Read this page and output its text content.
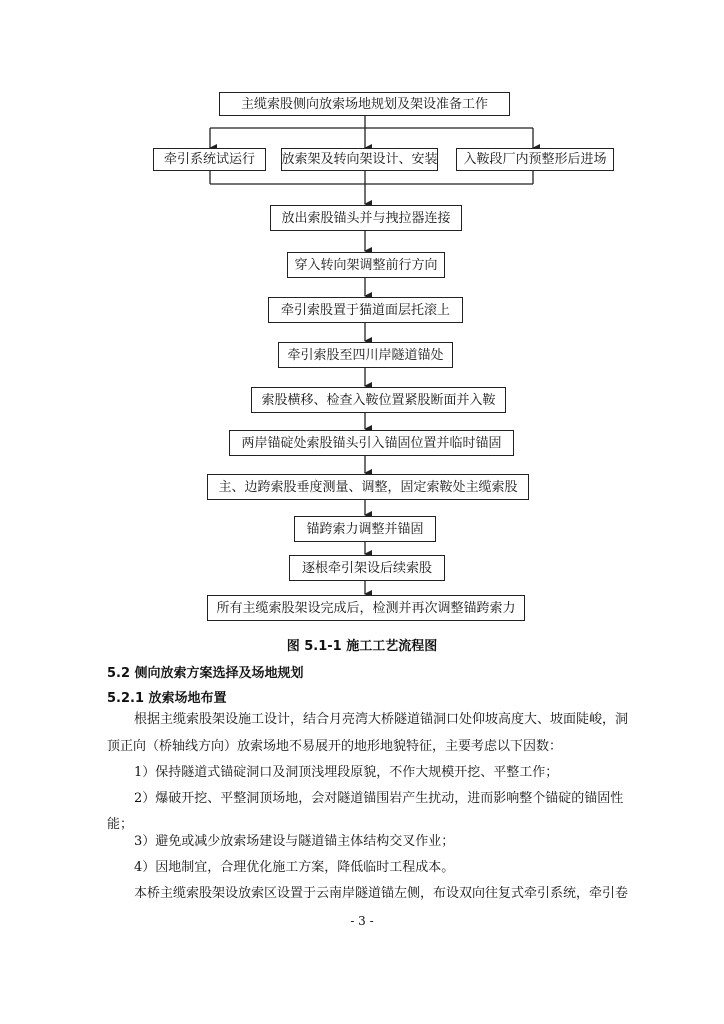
主缆索股侧向放索场地规划及架设准备工作
牵引系统试运行 放索架及转向架设计、安装 入鞍段厂内预整形后进场
放出索股锚头并与拽拉器连接
穿入转向架调整前行方向
牵引索股置于猫道面层托滚上
牵引索股至四川岸隧道锚处
索股横移、检查入鞍位置紧股断面并入鞍
两岸锚碇处索股锚头引入锚固位置并临时锚固
主、边跨索股垂度测量、调整，固定索鞍处主缆索股
锚跨索力调整并锚固
逐根牵引架设后续索股
所有主缆索股架设完成后，检测并再次调整锚跨索力
图 5.1-1 施工工艺流程图
5.2 侧向放索方案选择及场地规划
5.2.1 放索场地布置
根据主缆索股架设施工设计，结合月亮湾大桥隧道锚洞口处仰坡高度大、坡面陡峻，洞
顶正向（桥轴线方向）放索场地不易展开的地形地貌特征，主要考虑以下因数：
1）保持隧道式锚碇洞口及洞顶浅埋段原貌，不作大规模开挖、平整工作；
2）爆破开挖、平整洞顶场地，会对隧道锚围岩产生扰动，进而影响整个锚碇的锚固性
能；
3）避免或减少放索场建设与隧道锚主体结构交叉作业；
4）因地制宜，合理优化施工方案，降低临时工程成本。
本桥主缆索股架设放索区设置于云南岸隧道锚左侧，布设双向往复式牵引系统，牵引卷
- 3 -
